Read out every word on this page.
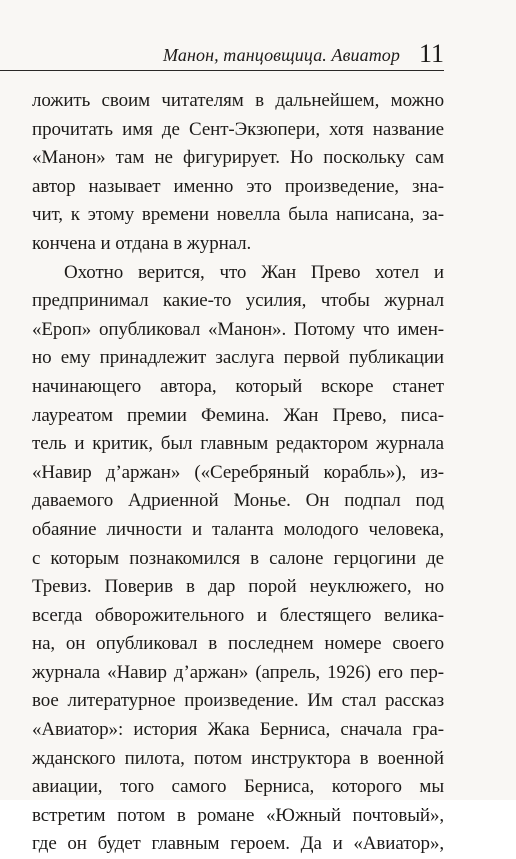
Манон, танцовщица. Авиатор 11
ложить своим читателям в дальнейшем, можно
прочитать имя де Сент-Экзюпери, хотя название
«Манон» там не фигурирует. Но поскольку сам
автор называет именно это произведение, зна-
чит, к этому времени новелла была написана, за-
кончена и отдана в журнал.
Охотно верится, что Жан Прево хотел и
предпринимал какие-то усилия, чтобы журнал
«Ероп» опубликовал «Манон». Потому что имен-
но ему принадлежит заслуга первой публикации
начинающего автора, который вскоре станет
лауреатом премии Фемина. Жан Прево, писа-
тель и критик, был главным редактором журнала
«Навир д’аржан» («Серебряный корабль»), из-
даваемого Адриенной Монье. Он подпал под
обаяние личности и таланта молодого человека,
с которым познакомился в салоне герцогини де
Тревиз. Поверив в дар порой неуклюжего, но
всегда обворожительного и блестящего велика-
на, он опубликовал в последнем номере своего
журнала «Навир д’аржан» (апрель, 1926) его пер-
вое литературное произведение. Им стал рассказ
«Авиатор»: история Жака Берниса, сначала гра-
жданского пилота, потом инструктора в военной
авиации, того самого Берниса, которого мы
встретим потом в романе «Южный почтовый»,
где он будет главным героем. Да и «Авиатор»,
